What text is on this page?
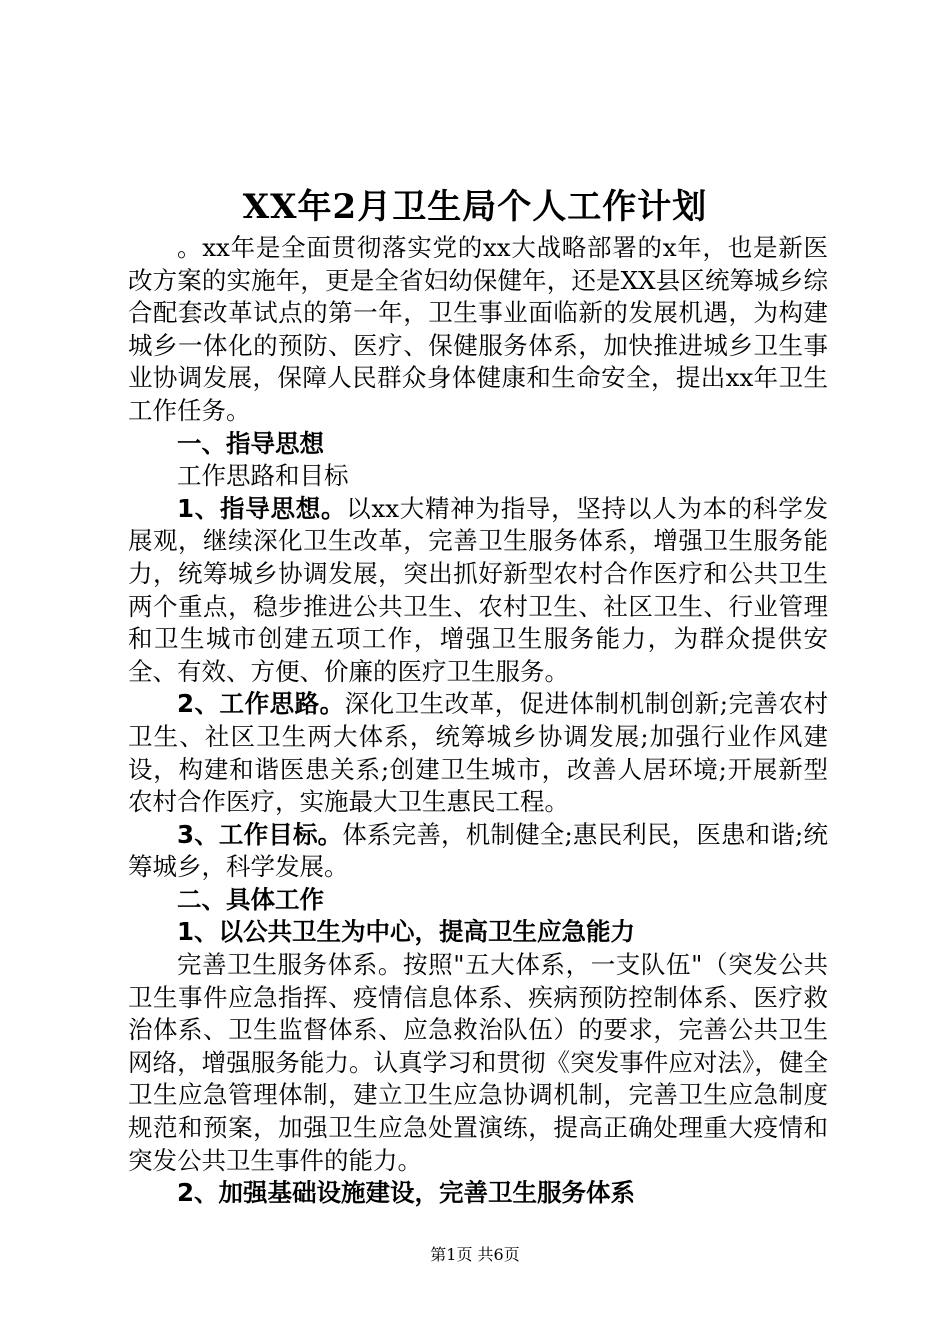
XX年2月卫生局个人工作计划

。xx年是全面贯彻落实党的xx大战略部署的x年，也是新医改方案的实施年，更是全省妇幼保健年，还是XX县区统筹城乡综合配套改革试点的第一年，卫生事业面临新的发展机遇，为构建城乡一体化的预防、医疗、保健服务体系，加快推进城乡卫生事业协调发展，保障人民群众身体健康和生命安全，提出xx年卫生工作任务。

一、指导思想

工作思路和目标

1、指导思想。以xx大精神为指导，坚持以人为本的科学发展观，继续深化卫生改革，完善卫生服务体系，增强卫生服务能力，统筹城乡协调发展，突出抓好新型农村合作医疗和公共卫生两个重点，稳步推进公共卫生、农村卫生、社区卫生、行业管理和卫生城市创建五项工作，增强卫生服务能力，为群众提供安全、有效、方便、价廉的医疗卫生服务。

2、工作思路。深化卫生改革，促进体制机制创新;完善农村卫生、社区卫生两大体系，统筹城乡协调发展;加强行业作风建设，构建和谐医患关系;创建卫生城市，改善人居环境;开展新型农村合作医疗，实施最大卫生惠民工程。

3、工作目标。体系完善，机制健全;惠民利民，医患和谐;统筹城乡，科学发展。

二、具体工作

1、以公共卫生为中心，提高卫生应急能力

完善卫生服务体系。按照"五大体系，一支队伍"（突发公共卫生事件应急指挥、疫情信息体系、疾病预防控制体系、医疗救治体系、卫生监督体系、应急救治队伍）的要求，完善公共卫生网络，增强服务能力。认真学习和贯彻《突发事件应对法》，健全卫生应急管理体制，建立卫生应急协调机制，完善卫生应急制度规范和预案，加强卫生应急处置演练，提高正确处理重大疫情和突发公共卫生事件的能力。

2、加强基础设施建设，完善卫生服务体系

第1页 共6页
